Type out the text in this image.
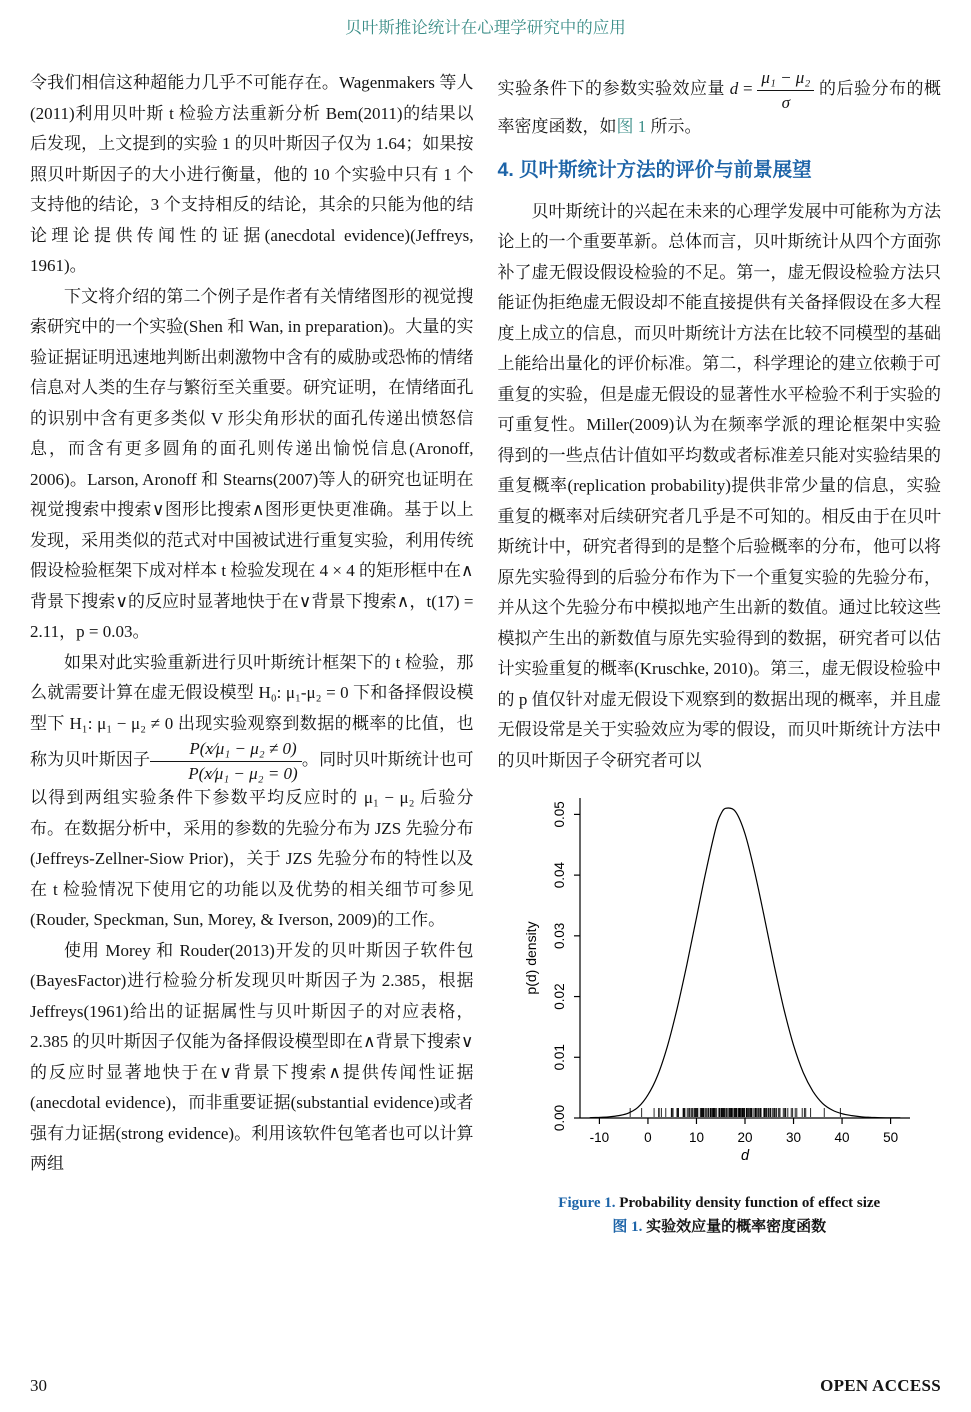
贝叶斯推论统计在心理学研究中的应用

令我们相信这种超能力几乎不可能存在。Wagenmakers 等人(2011)利用贝叶斯 t 检验方法重新分析 Bem(2011)的结果以后发现，上文提到的实验 1 的贝叶斯因子仅为 1.64；如果按照贝叶斯因子的大小进行衡量，他的 10 个实验中只有 1 个支持他的结论，3 个支持相反的结论，其余的只能为他的结论理论提供传闻性的证据(anecdotal evidence)(Jeffreys, 1961)。

下文将介绍的第二个例子是作者有关情绪图形的视觉搜索研究中的一个实验(Shen 和 Wan, in preparation)。大量的实验证据证明迅速地判断出刺激物中含有的威胁或恐怖的情绪信息对人类的生存与繁衍至关重要。研究证明，在情绪面孔的识别中含有更多类似 V 形尖角形状的面孔传递出愤怒信息，而含有更多圆角的面孔则传递出愉悦信息(Aronoff, 2006)。Larson, Aronoff 和 Stearns(2007)等人的研究也证明在视觉搜索中搜索∨图形比搜索∧图形更快更准确。基于以上发现，采用类似的范式对中国被试进行重复实验，利用传统假设检验框架下成对样本 t 检验发现在 4 × 4 的矩形框中在∧背景下搜索∨的反应时显著地快于在∨背景下搜索∧，t(17) = 2.11，p = 0.03。

如果对此实验重新进行贝叶斯统计框架下的 t 检验，那么就需要计算在虚无假设模型 H₀: μ₁-μ₂ = 0 下和备择假设模型下 H₁: μ₁ − μ₂ ≠ 0 出现实验观察到数据的概率的比值，也称为贝叶斯因子 $\frac{\text{P(x∕μ₁ − μ₂ ≠ 0)}}{\text{P(x∕μ₁ − μ₂ = 0)}}$ 。同时贝叶斯统计也可以得到两组实验条件下参数平均反应时的 μ₁ − μ₂ 后验分布。在数据分析中，采用的参数的先验分布为 JZS 先验分布(Jeffreys-Zellner-Siow Prior)，关于 JZS 先验分布的特性以及在 t 检验情况下使用它的功能以及优势的相关细节可参见(Rouder, Speckman, Sun, Morey, & Iverson, 2009)的工作。

使用 Morey 和 Rouder(2013)开发的贝叶斯因子软件包(BayesFactor)进行检验分析发现贝叶斯因子为 2.385，根据 Jeffreys(1961)给出的证据属性与贝叶斯因子的对应表格，2.385 的贝叶斯因子仅能为备择假设模型即在∧背景下搜索∨的反应时显著地快于在∨背景下搜索∧提供传闻性证据(anecdotal evidence)，而非重要证据(substantial evidence)或者强有力证据(strong evidence)。利用该软件包笔者也可以计算两组

实验条件下的参数实验效应量 $d = \frac{\text{μ₁ − μ₂}}{\sigma}$ 的后验分布的概率密度函数，如图 1 所示。

4. 贝叶斯统计方法的评价与前景展望

贝叶斯统计的兴起在未来的心理学发展中可能称为方法论上的一个重要革新。总体而言，贝叶斯统计从四个方面弥补了虚无假设假设检验的不足。第一，虚无假设检验方法只能证伪拒绝虚无假设却不能直接提供有关备择假设在多大程度上成立的信息，而贝叶斯统计方法在比较不同模型的基础上能给出量化的评价标准。第二，科学理论的建立依赖于可重复的实验，但是虚无假设的显著性水平检验不利于实验的可重复性。Miller(2009)认为在频率学派的理论框架中实验得到的一些点估计值如平均数或者标准差只能对实验结果的重复概率(replication probability)提供非常少量的信息，实验重复的概率对后续研究者几乎是不可知的。相反由于在贝叶斯统计中，研究者得到的是整个后验概率的分布，他可以将原先实验得到的后验分布作为下一个重复实验的先验分布，并从这个先验分布中模拟地产生出新的数值。通过比较这些模拟产生出的新数值与原先实验得到的数据，研究者可以估计实验重复的概率(Kruschke, 2010)。第三，虚无假设检验中的 p 值仅针对虚无假设下观察到的数据出现的概率，并且虚无假设常是关于实验效应为零的假设，而贝叶斯统计方法中的贝叶斯因子令研究者可以

-10	0	10 20 30 40 50
0.00
0.01
0.02
0.03
0.04
0.05
d
p(d) density
Figure 1. Probability density function of effect size
图 1. 实验效应量的概率密度函数
30	OPEN ACCESS
